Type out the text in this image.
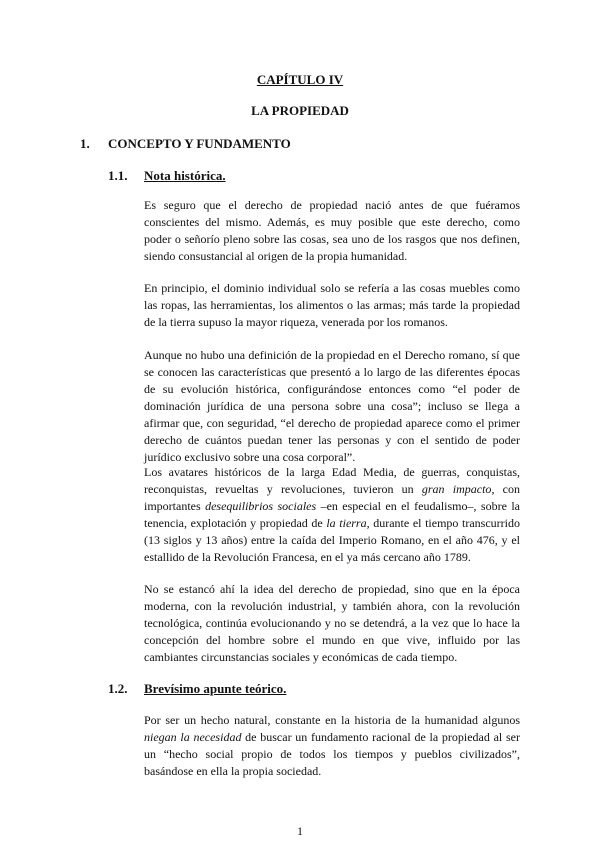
CAPÍTULO IV
LA PROPIEDAD
1. CONCEPTO Y FUNDAMENTO
1.1. Nota histórica.

Es seguro que el derecho de propiedad nació antes de que fuéramos conscientes del mismo. Además, es muy posible que este derecho, como poder o señorío pleno sobre las cosas, sea uno de los rasgos que nos definen, siendo consustancial al origen de la propia humanidad.

En principio, el dominio individual solo se refería a las cosas muebles como las ropas, las herramientas, los alimentos o las armas; más tarde la propiedad de la tierra supuso la mayor riqueza, venerada por los romanos.

Aunque no hubo una definición de la propiedad en el Derecho romano, sí que se conocen las características que presentó a lo largo de las diferentes épocas de su evolución histórica, configurándose entonces como “el poder de dominación jurídica de una persona sobre una cosa”; incluso se llega a afirmar que, con seguridad, “el derecho de propiedad aparece como el primer derecho de cuántos puedan tener las personas y con el sentido de poder jurídico exclusivo sobre una cosa corporal”.

Los avatares históricos de la larga Edad Media, de guerras, conquistas, reconquistas, revueltas y revoluciones, tuvieron un gran impacto, con importantes desequilibrios sociales –en especial en el feudalismo–, sobre la tenencia, explotación y propiedad de la tierra, durante el tiempo transcurrido (13 siglos y 13 años) entre la caída del Imperio Romano, en el año 476, y el estallido de la Revolución Francesa, en el ya más cercano año 1789.

No se estancó ahí la idea del derecho de propiedad, sino que en la época moderna, con la revolución industrial, y también ahora, con la revolución tecnológica, continúa evolucionando y no se detendrá, a la vez que lo hace la concepción del hombre sobre el mundo en que vive, influido por las cambiantes circunstancias sociales y económicas de cada tiempo.

1.2. Brevísimo apunte teórico.

Por ser un hecho natural, constante en la historia de la humanidad algunos niegan la necesidad de buscar un fundamento racional de la propiedad al ser un “hecho social propio de todos los tiempos y pueblos civilizados”, basándose en ella la propia sociedad.

1
